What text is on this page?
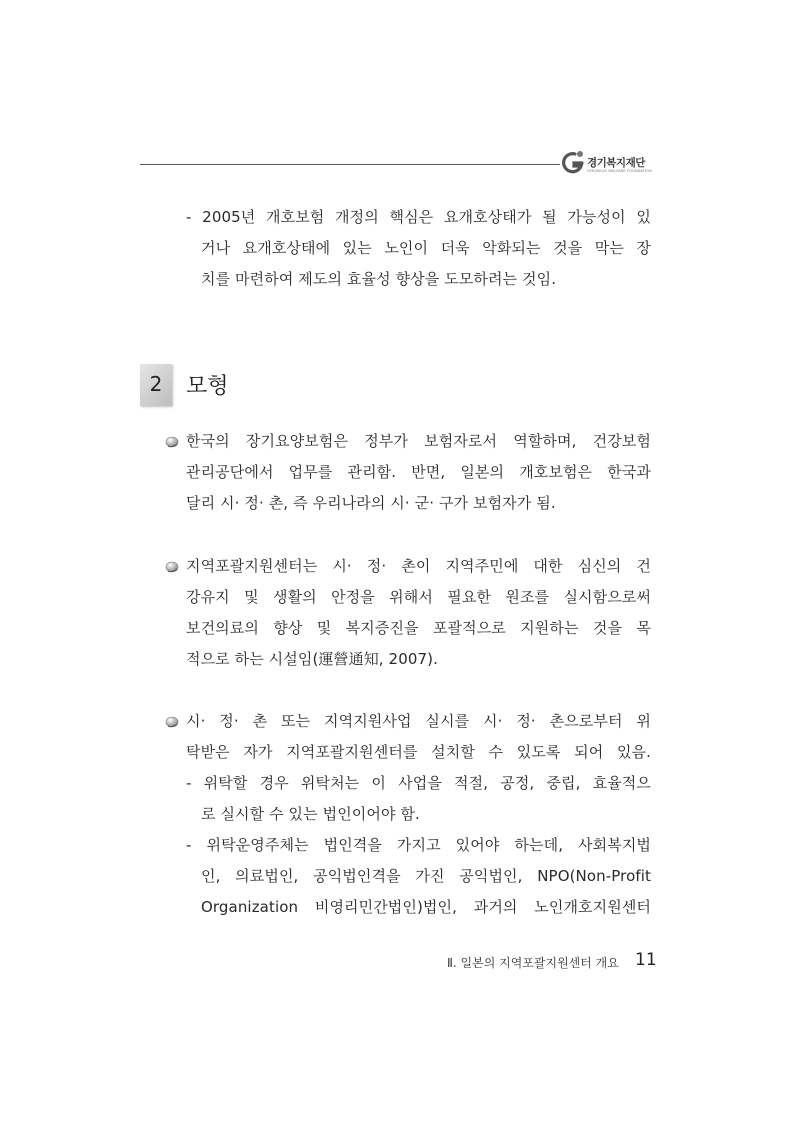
경기복지재단
GYEONGGI WELFARE FOUNDATION
- 2005년 개호보험 개정의 핵심은 요개호상태가 될 가능성이 있
거나 요개호상태에 있는 노인이 더욱 악화되는 것을 막는 장
치를 마련하여 제도의 효율성 향상을 도모하려는 것임.
2	모형
한국의 장기요양보험은 정부가 보험자로서 역할하며, 건강보험
관리공단에서 업무를 관리함. 반면, 일본의 개호보험은 한국과
달리 시· 정· 촌, 즉 우리나라의 시· 군· 구가 보험자가 됨.
지역포괄지원센터는 시· 정· 촌이 지역주민에 대한 심신의 건
강유지 및 생활의 안정을 위해서 필요한 원조를 실시함으로써
보건의료의 향상 및 복지증진을 포괄적으로 지원하는 것을 목
적으로 하는 시설임(運營通知, 2007).
시· 정· 촌 또는 지역지원사업 실시를 시· 정· 촌으로부터 위
탁받은 자가 지역포괄지원센터를 설치할 수 있도록 되어 있음.
- 위탁할 경우 위탁처는 이 사업을 적절, 공정, 중립, 효율적으
로 실시할 수 있는 법인이어야 함.
- 위탁운영주체는 법인격을 가지고 있어야 하는데, 사회복지법
인, 의료법인, 공익법인격을 가진 공익법인, NPO(Non-Profit
Organization 비영리민간법인)법인, 과거의 노인개호지원센터
Ⅱ. 일본의 지역포괄지원센터 개요 11
